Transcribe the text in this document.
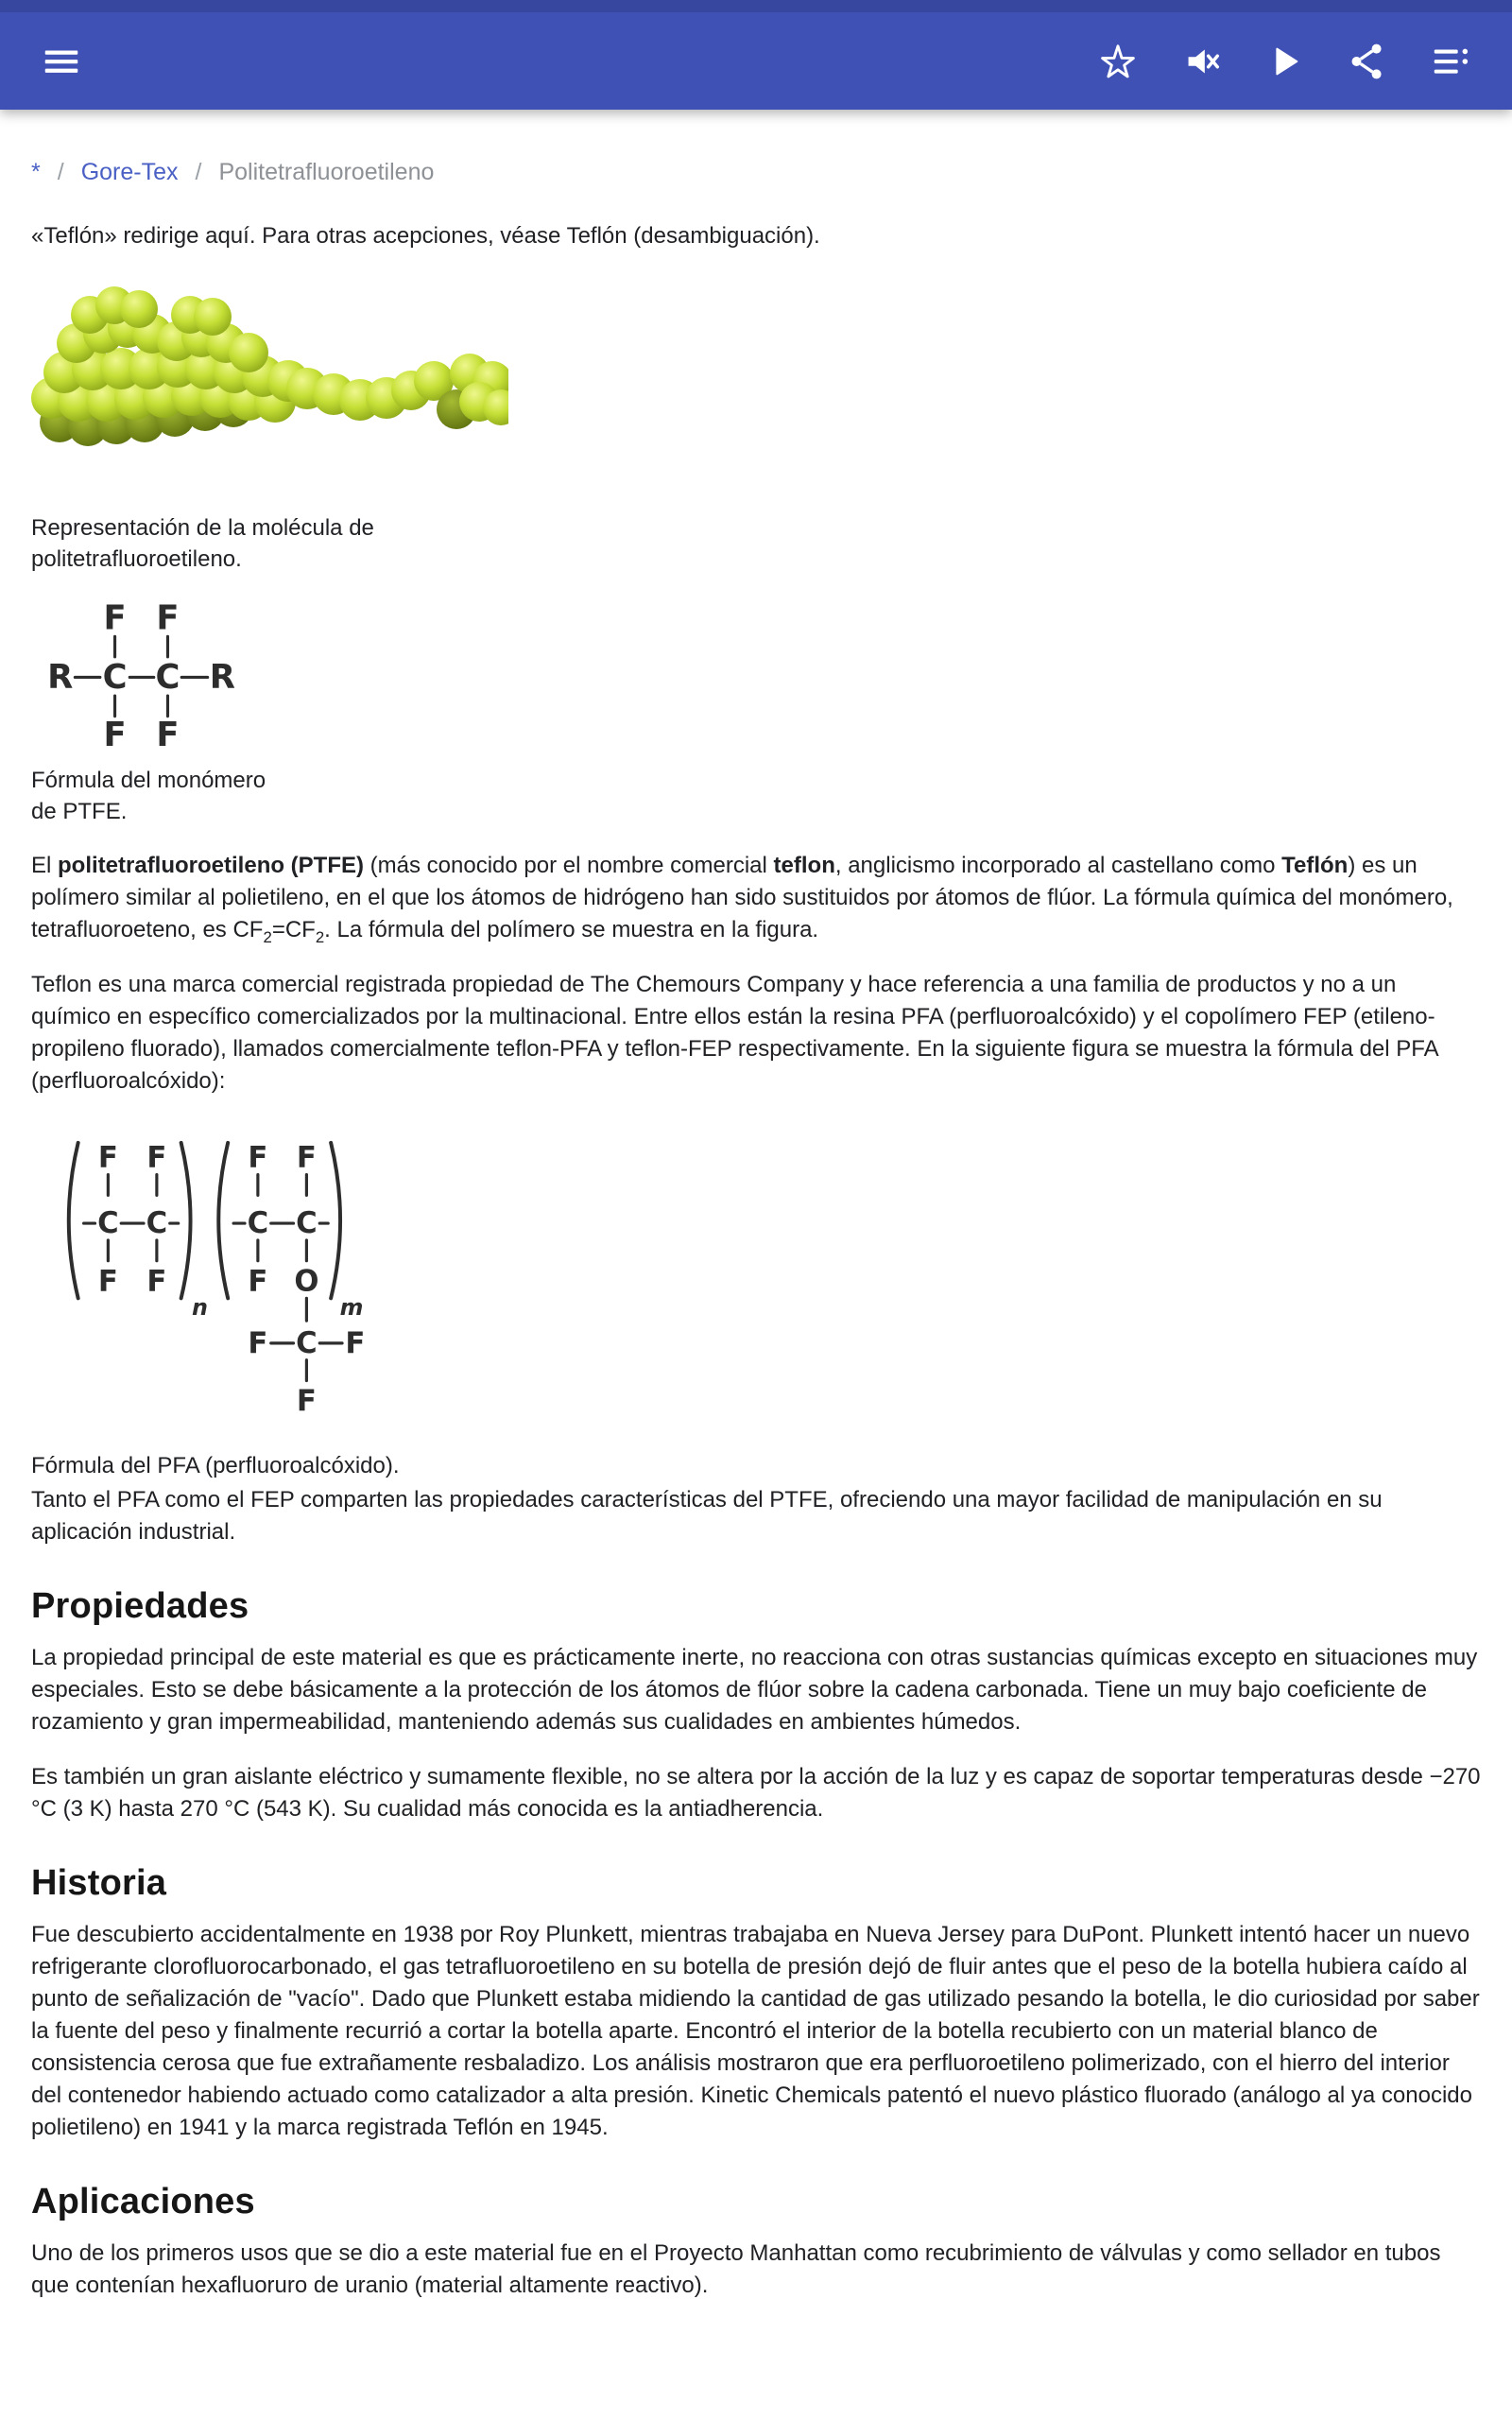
* / Gore-Tex / Politetrafluoroetileno

«Teflón» redirige aquí. Para otras acepciones, véase Teflón (desambiguación).

Representación de la molécula de politetrafluoroetileno.
F F
R C C R
F F
Fórmula del monómero de PTFE.

El politetrafluoroetileno (PTFE) (más conocido por el nombre comercial teflon, anglicismo incorporado al castellano como Teflón) es un polímero similar al polietileno, en el que los átomos de hidrógeno han sido sustituidos por átomos de flúor. La fórmula química del monómero, tetrafluoroeteno, es $CF_2=CF_2$. La fórmula del polímero se muestra en la figura.

Teflon es una marca comercial registrada propiedad de The Chemours Company y hace referencia a una familia de productos y no a un químico en específico comercializados por la multinacional. Entre ellos están la resina PFA (perfluoroalcóxido) y el copolímero FEP (etileno-propileno fluorado), llamados comercialmente teflon-PFA y teflon-FEP respectivamente. En la siguiente figura se muestra la fórmula del PFA (perfluoroalcóxido):

F F
C C
F F
n
F F
C C
F O
m
F C F
F
Fórmula del PFA (perfluoroalcóxido).

Tanto el PFA como el FEP comparten las propiedades características del PTFE, ofreciendo una mayor facilidad de manipulación en su aplicación industrial.

Propiedades

La propiedad principal de este material es que es prácticamente inerte, no reacciona con otras sustancias químicas excepto en situaciones muy especiales. Esto se debe básicamente a la protección de los átomos de flúor sobre la cadena carbonada. Tiene un muy bajo coeficiente de rozamiento y gran impermeabilidad, manteniendo además sus cualidades en ambientes húmedos.

Es también un gran aislante eléctrico y sumamente flexible, no se altera por la acción de la luz y es capaz de soportar temperaturas desde −270 °C (3 K) hasta 270 °C (543 K). Su cualidad más conocida es la antiadherencia.

Historia

Fue descubierto accidentalmente en 1938 por Roy Plunkett, mientras trabajaba en Nueva Jersey para DuPont. Plunkett intentó hacer un nuevo refrigerante clorofluorocarbonado, el gas tetrafluoroetileno en su botella de presión dejó de fluir antes que el peso de la botella hubiera caído al punto de señalización de "vacío". Dado que Plunkett estaba midiendo la cantidad de gas utilizado pesando la botella, le dio curiosidad por saber la fuente del peso y finalmente recurrió a cortar la botella aparte. Encontró el interior de la botella recubierto con un material blanco de consistencia cerosa que fue extrañamente resbaladizo. Los análisis mostraron que era perfluoroetileno polimerizado, con el hierro del interior del contenedor habiendo actuado como catalizador a alta presión. Kinetic Chemicals patentó el nuevo plástico fluorado (análogo al ya conocido polietileno) en 1941 y la marca registrada Teflón en 1945.

Aplicaciones

Uno de los primeros usos que se dio a este material fue en el Proyecto Manhattan como recubrimiento de válvulas y como sellador en tubos que contenían hexafluoruro de uranio (material altamente reactivo).
